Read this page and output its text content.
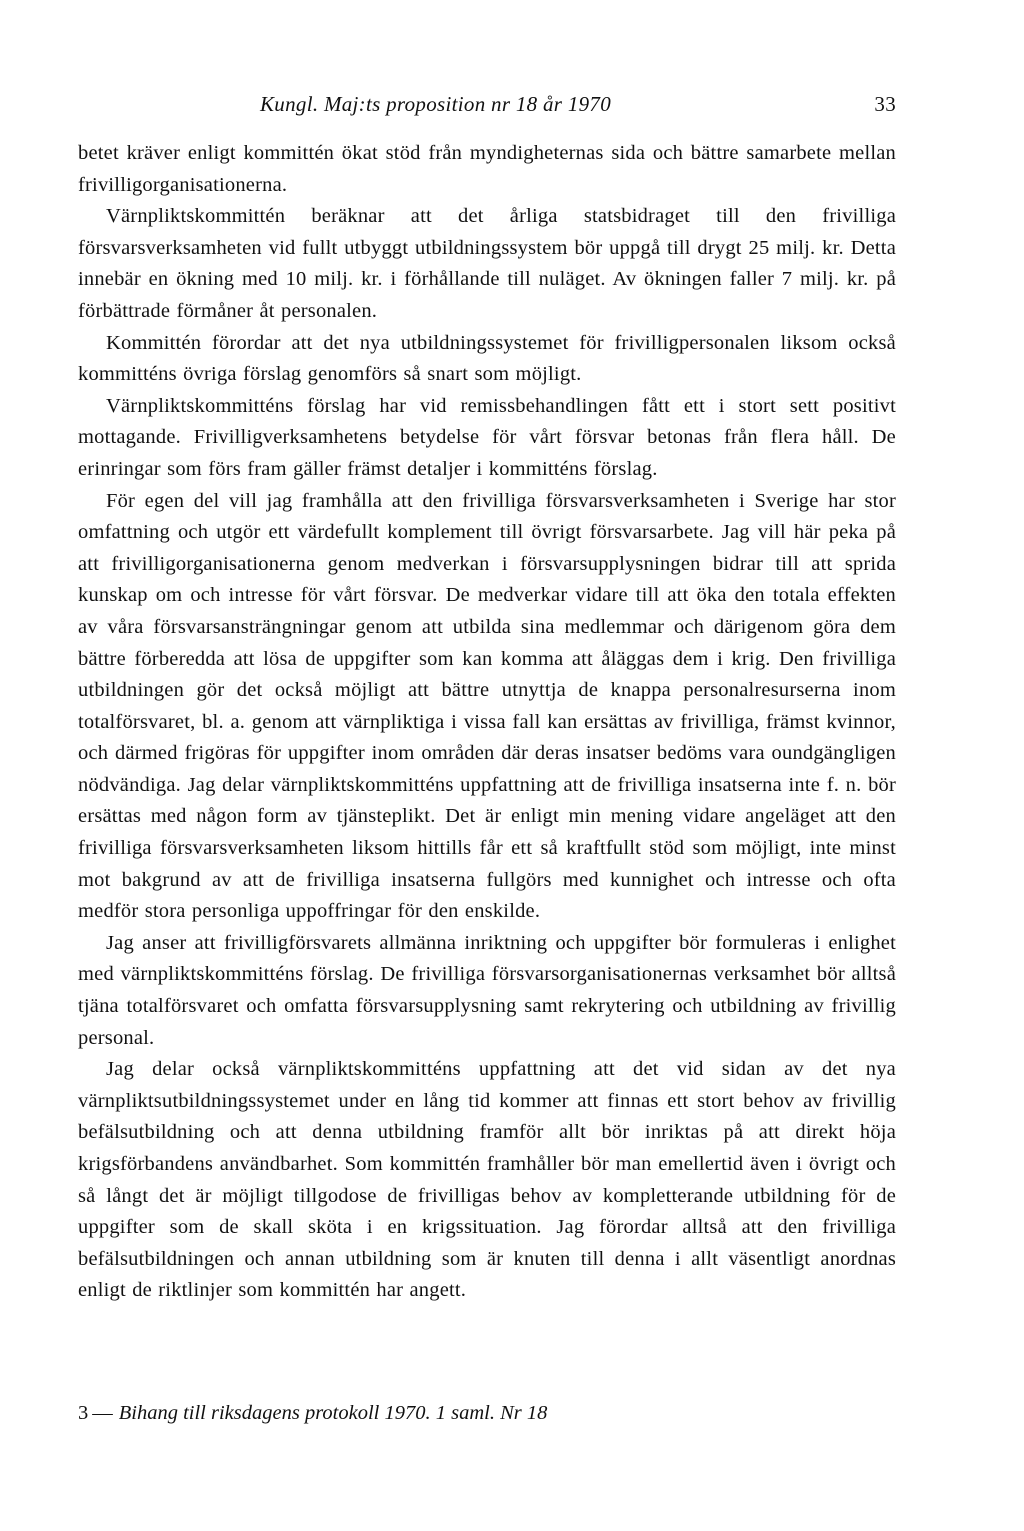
Kungl. Maj:ts proposition nr 18 år 1970	33

betet kräver enligt kommittén ökat stöd från myndigheternas sida och bättre samarbete mellan frivilligorganisationerna.

Värnpliktskommittén beräknar att det årliga statsbidraget till den frivilliga försvarsverksamheten vid fullt utbyggt utbildningssystem bör uppgå till drygt 25 milj. kr. Detta innebär en ökning med 10 milj. kr. i förhållande till nuläget. Av ökningen faller 7 milj. kr. på förbättrade förmåner åt personalen.

Kommittén förordar att det nya utbildningssystemet för frivilligpersonalen liksom också kommitténs övriga förslag genomförs så snart som möjligt.

Värnpliktskommitténs förslag har vid remissbehandlingen fått ett i stort sett positivt mottagande. Frivilligverksamhetens betydelse för vårt försvar betonas från flera håll. De erinringar som förs fram gäller främst detaljer i kommitténs förslag.

För egen del vill jag framhålla att den frivilliga försvarsverksamheten i Sverige har stor omfattning och utgör ett värdefullt komplement till övrigt försvarsarbete. Jag vill här peka på att frivilligorganisationerna genom medverkan i försvarsupplysningen bidrar till att sprida kunskap om och intresse för vårt försvar. De medverkar vidare till att öka den totala effekten av våra försvarsansträngningar genom att utbilda sina medlemmar och därigenom göra dem bättre förberedda att lösa de uppgifter som kan komma att åläggas dem i krig. Den frivilliga utbildningen gör det också möjligt att bättre utnyttja de knappa personalresurserna inom totalförsvaret, bl. a. genom att värnpliktiga i vissa fall kan ersättas av frivilliga, främst kvinnor, och därmed frigöras för uppgifter inom områden där deras insatser bedöms vara oundgängligen nödvändiga. Jag delar värnpliktskommitténs uppfattning att de frivilliga insatserna inte f. n. bör ersättas med någon form av tjänsteplikt. Det är enligt min mening vidare angeläget att den frivilliga försvarsverksamheten liksom hittills får ett så kraftfullt stöd som möjligt, inte minst mot bakgrund av att de frivilliga insatserna fullgörs med kunnighet och intresse och ofta medför stora personliga uppoffringar för den enskilde.

Jag anser att frivilligförsvarets allmänna inriktning och uppgifter bör formuleras i enlighet med värnpliktskommitténs förslag. De frivilliga försvarsorganisationernas verksamhet bör alltså tjäna totalförsvaret och omfatta försvarsupplysning samt rekrytering och utbildning av frivillig personal.

Jag delar också värnpliktskommitténs uppfattning att det vid sidan av det nya värnpliktsutbildningssystemet under en lång tid kommer att finnas ett stort behov av frivillig befälsutbildning och att denna utbildning framför allt bör inriktas på att direkt höja krigsförbandens användbarhet. Som kommittén framhåller bör man emellertid även i övrigt och så långt det är möjligt tillgodose de frivilligas behov av kompletterande utbildning för de uppgifter som de skall sköta i en krigssituation. Jag förordar alltså att den frivilliga befälsutbildningen och annan utbildning som är knuten till denna i allt väsentligt anordnas enligt de riktlinjer som kommittén har angett.

3 — Bihang till riksdagens protokoll 1970. 1 saml. Nr 18
